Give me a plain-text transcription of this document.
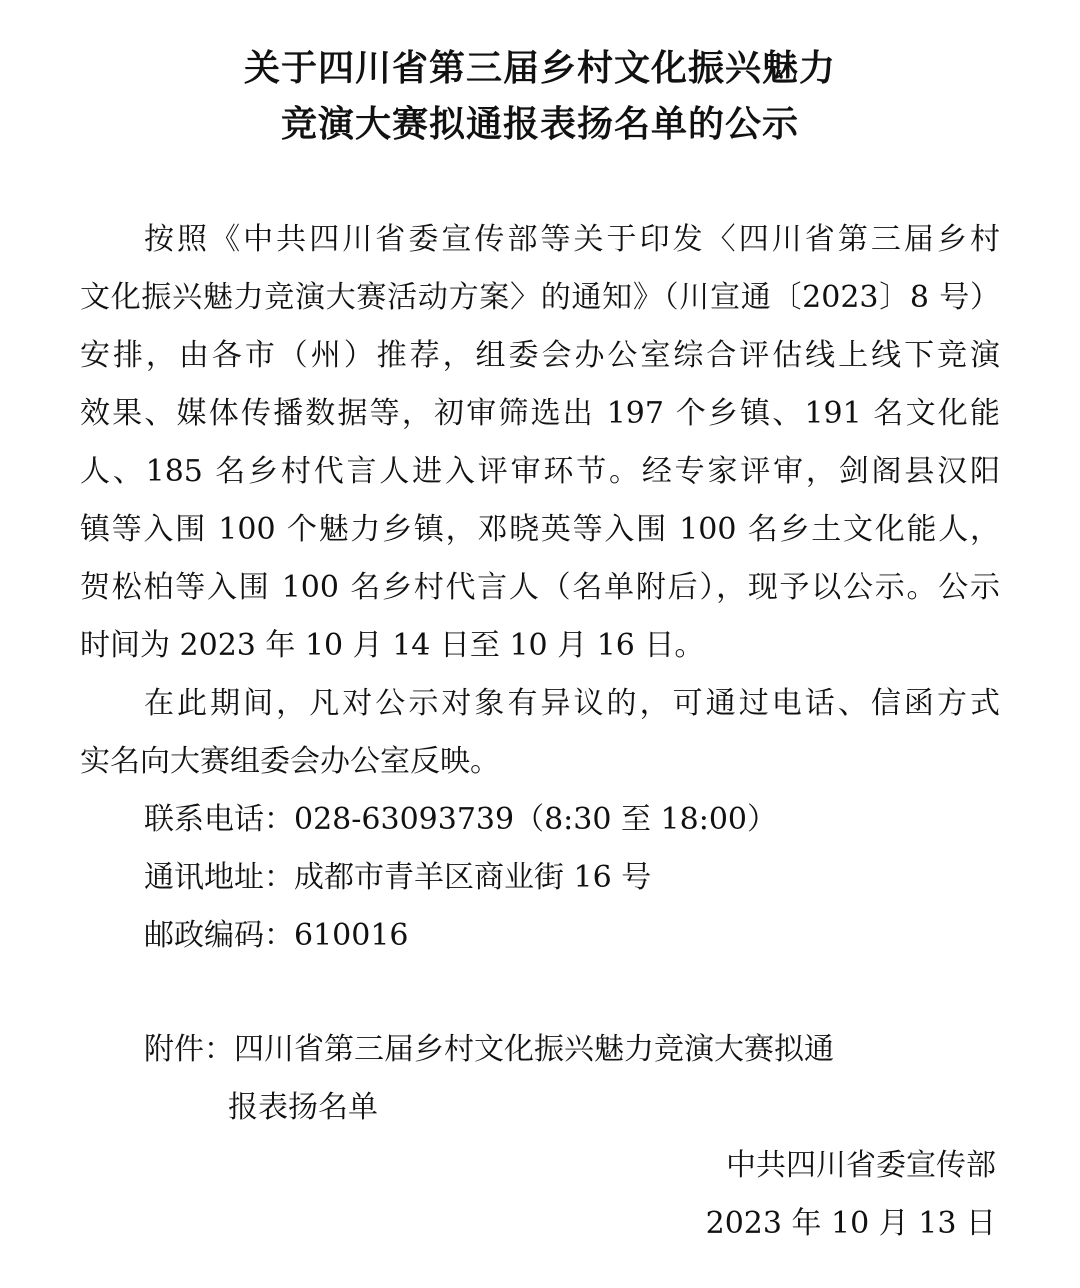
关于四川省第三届乡村文化振兴魅力
竞演大赛拟通报表扬名单的公示

按照《中共四川省委宣传部等关于印发〈四川省第三届乡村

文化振兴魅力竞演大赛活动方案〉的通知》（川宣通〔2023〕8 号）

安排，由各市（州）推荐，组委会办公室综合评估线上线下竞演

效果、媒体传播数据等，初审筛选出 197 个乡镇、191 名文化能

人、185 名乡村代言人进入评审环节。经专家评审，剑阁县汉阳

镇等入围 100 个魅力乡镇，邓晓英等入围 100 名乡土文化能人，

贺松柏等入围 100 名乡村代言人（名单附后），现予以公示。公示

时间为 2023 年 10 月 14 日至 10 月 16 日。

在此期间，凡对公示对象有异议的，可通过电话、信函方式

实名向大赛组委会办公室反映。

联系电话：028-63093739（8:30 至 18:00）

通讯地址：成都市青羊区商业街 16 号

邮政编码：610016

附件：四川省第三届乡村文化振兴魅力竞演大赛拟通

报表扬名单

中共四川省委宣传部

2023 年 10 月 13 日
